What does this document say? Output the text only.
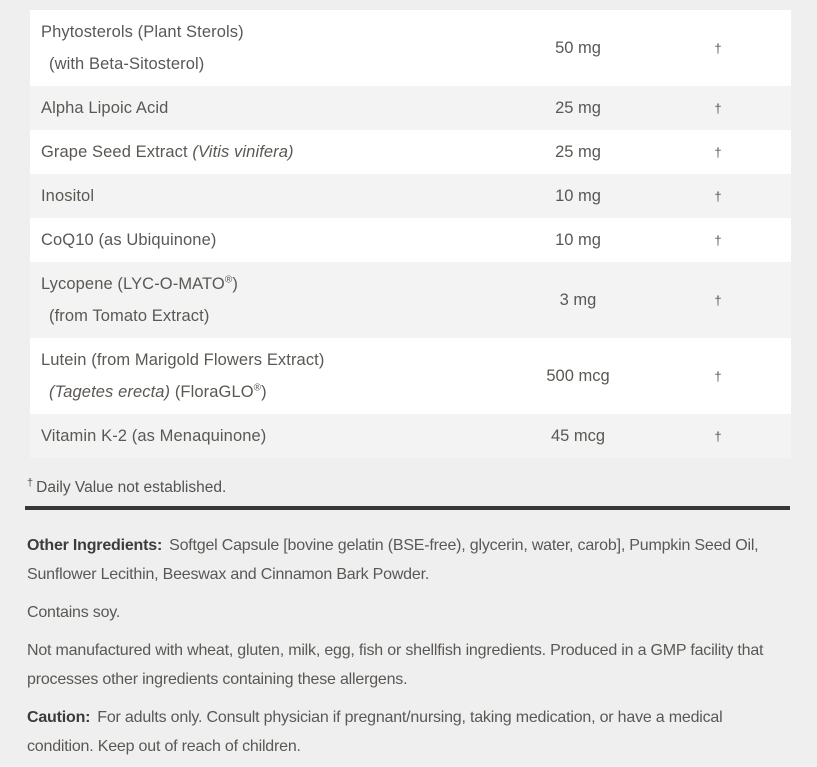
Phytosterols (Plant Sterols)
(with Beta-Sitosterol)
50 mg	†
Alpha Lipoic Acid	25 mg	†
Grape Seed Extract (Vitis vinifera)	25 mg	†
Inositol	10 mg	†
CoQ10 (as Ubiquinone)	10 mg	†
Lycopene (LYC-O-MATO®)
(from Tomato Extract)
3 mg	†
Lutein (from Marigold Flowers Extract)
(Tagetes erecta) (FloraGLO®)
500 mcg	†
Vitamin K-2 (as Menaquinone)	45 mcg	†
† Daily Value not established.

Other Ingredients: Softgel Capsule [bovine gelatin (BSE-free), glycerin, water, carob], Pumpkin Seed Oil, Sunflower Lecithin, Beeswax and Cinnamon Bark Powder.

Contains soy.

Not manufactured with wheat, gluten, milk, egg, fish or shellfish ingredients. Produced in a GMP facility that processes other ingredients containing these allergens.

Caution: For adults only. Consult physician if pregnant/nursing, taking medication, or have a medical condition. Keep out of reach of children.
